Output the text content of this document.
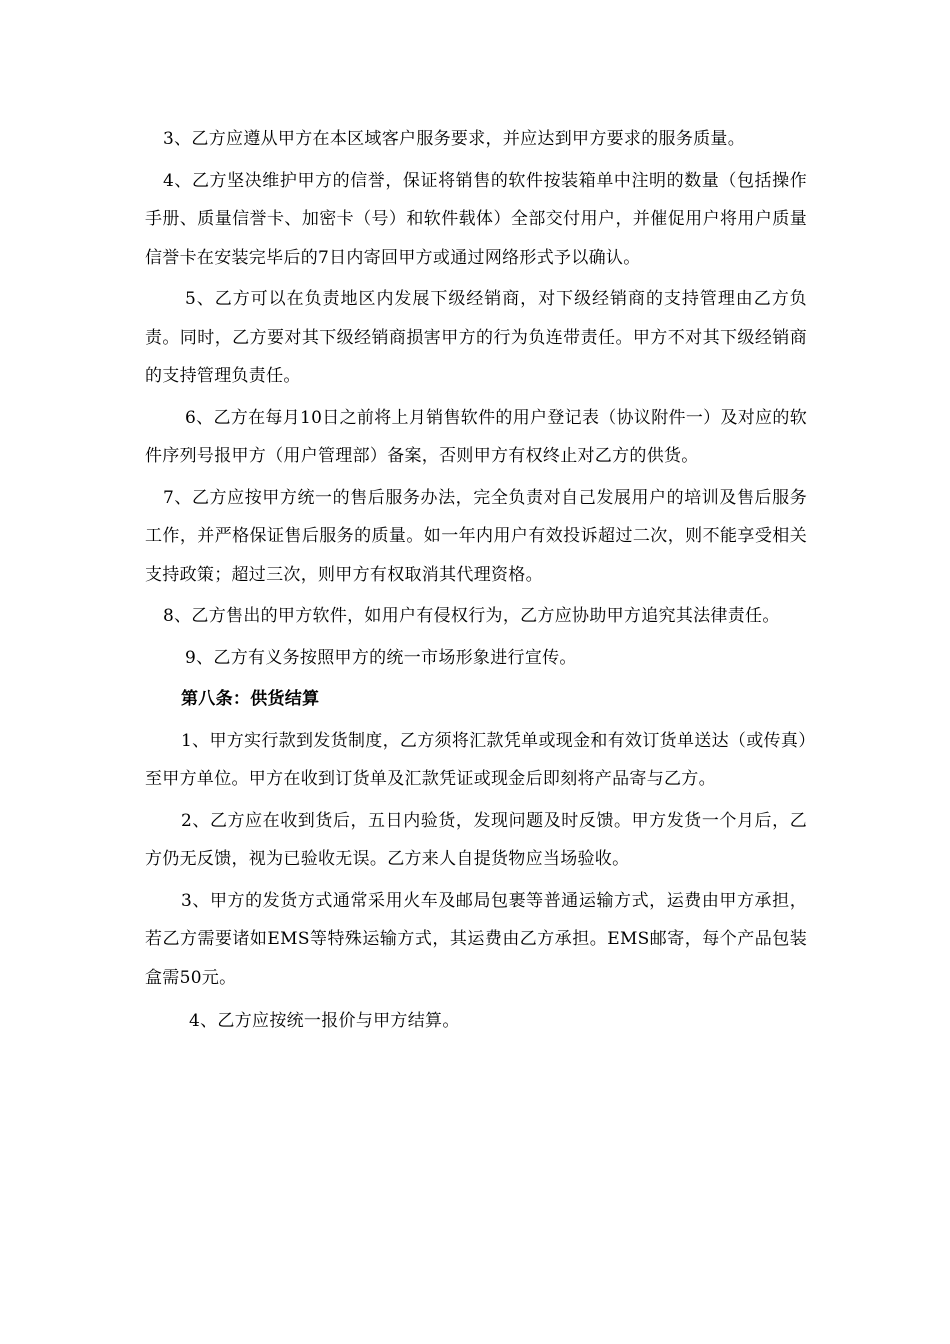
3、乙方应遵从甲方在本区域客户服务要求，并应达到甲方要求的服务质量。

4、乙方坚决维护甲方的信誉，保证将销售的软件按装箱单中注明的数量（包括操作手册、质量信誉卡、加密卡（号）和软件载体）全部交付用户，并催促用户将用户质量信誉卡在安装完毕后的7日内寄回甲方或通过网络形式予以确认。

5、乙方可以在负责地区内发展下级经销商，对下级经销商的支持管理由乙方负责。同时，乙方要对其下级经销商损害甲方的行为负连带责任。甲方不对其下级经销商的支持管理负责任。

6、乙方在每月10日之前将上月销售软件的用户登记表（协议附件一）及对应的软件序列号报甲方（用户管理部）备案，否则甲方有权终止对乙方的供货。

7、乙方应按甲方统一的售后服务办法，完全负责对自己发展用户的培训及售后服务工作，并严格保证售后服务的质量。如一年内用户有效投诉超过二次，则不能享受相关支持政策；超过三次，则甲方有权取消其代理资格。

8、乙方售出的甲方软件，如用户有侵权行为，乙方应协助甲方追究其法律责任。

9、乙方有义务按照甲方的统一市场形象进行宣传。

第八条：供货结算

1、甲方实行款到发货制度，乙方须将汇款凭单或现金和有效订货单送达（或传真）至甲方单位。甲方在收到订货单及汇款凭证或现金后即刻将产品寄与乙方。

2、乙方应在收到货后，五日内验货，发现问题及时反馈。甲方发货一个月后，乙方仍无反馈，视为已验收无误。乙方来人自提货物应当场验收。

3、甲方的发货方式通常采用火车及邮局包裹等普通运输方式，运费由甲方承担，若乙方需要诸如EMS等特殊运输方式，其运费由乙方承担。EMS邮寄，每个产品包装盒需50元。

4、乙方应按统一报价与甲方结算。
